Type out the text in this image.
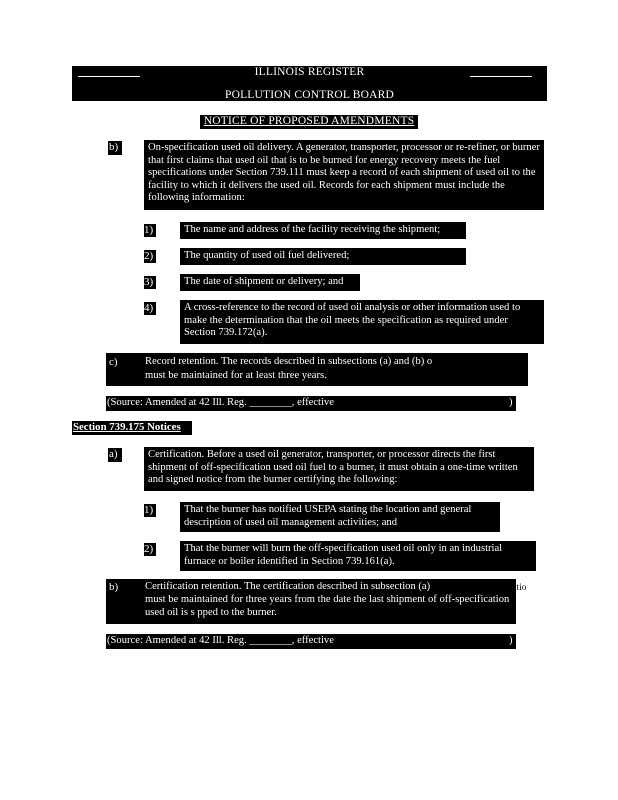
ILLINOIS REGISTER
POLLUTION CONTROL BOARD
NOTICE OF PROPOSED AMENDMENTS
b)	On-specification used oil delivery. A generator, transporter, processor or re-refiner, or burner that first claims that used oil that is to be burned for energy recovery meets the fuel specifications under Section 739.111 must keep a record of each shipment of used oil to the facility to which it delivers the used oil. Records for each shipment must include the following information:
1)	The name and address of the facility receiving the shipment;
2)	The quantity of used oil fuel delivered;
3)	The date of shipment or delivery; and
4)	A cross-reference to the record of used oil analysis or other information used to make the determination that the oil meets the specification as required under Section 739.172(a).
c)	Record retention. The records described in subsections (a) and (b) o
must be maintained for at least three years.
(Source: Amended at 42 Ill. Reg. ________, effective	)
Section 739.175 Notices
a)	Certification. Before a used oil generator, transporter, or processor directs the first shipment of off-specification used oil fuel to a burner, it must obtain a one-time written and signed notice from the burner certifying the following:
1)	That the burner has notified USEPA stating the location and general description of used oil management activities; and
2)	That the burner will burn the off-specification used oil only in an industrial furnace or boiler identified in Section 739.161(a).
b)	Certification retention. The certification described in subsection (a)	ectio
must be maintained for three years from the date the last shipment of off-specification used oil is s pped to the burner.
(Source: Amended at 42 Ill. Reg. ________, effective	)
